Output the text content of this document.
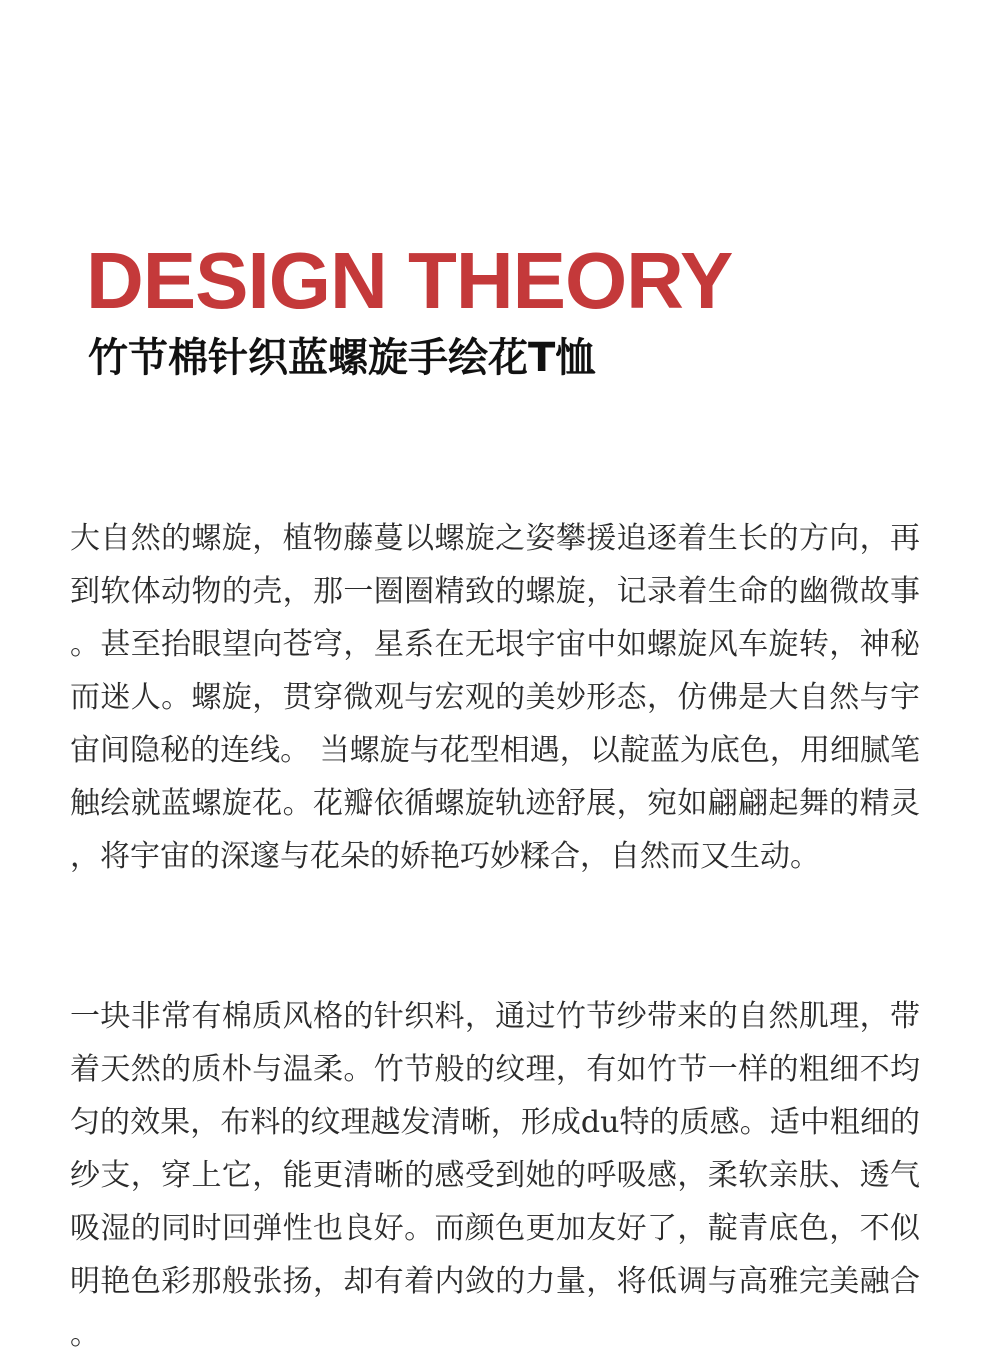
DESIGN THEORY
竹节棉针织蓝螺旋手绘花T恤

大自然的螺旋，植物藤蔓以螺旋之姿攀援追逐着生长的方向，再到软体动物的壳，那一圈圈精致的螺旋，记录着生命的幽微故事。甚至抬眼望向苍穹，星系在无垠宇宙中如螺旋风车旋转，神秘而迷人。螺旋，贯穿微观与宏观的美妙形态，仿佛是大自然与宇宙间隐秘的连线。 当螺旋与花型相遇，以靛蓝为底色，用细腻笔触绘就蓝螺旋花。花瓣依循螺旋轨迹舒展，宛如翩翩起舞的精灵，将宇宙的深邃与花朵的娇艳巧妙糅合，自然而又生动。

一块非常有棉质风格的针织料，通过竹节纱带来的自然肌理，带着天然的质朴与温柔。竹节般的纹理，有如竹节一样的粗细不均匀的效果，布料的纹理越发清晰，形成du特的质感。适中粗细的纱支，穿上它，能更清晰的感受到她的呼吸感，柔软亲肤、透气吸湿的同时回弹性也良好。而颜色更加友好了，靛青底色，不似明艳色彩那般张扬，却有着内敛的力量，将低调与高雅完美融合。
